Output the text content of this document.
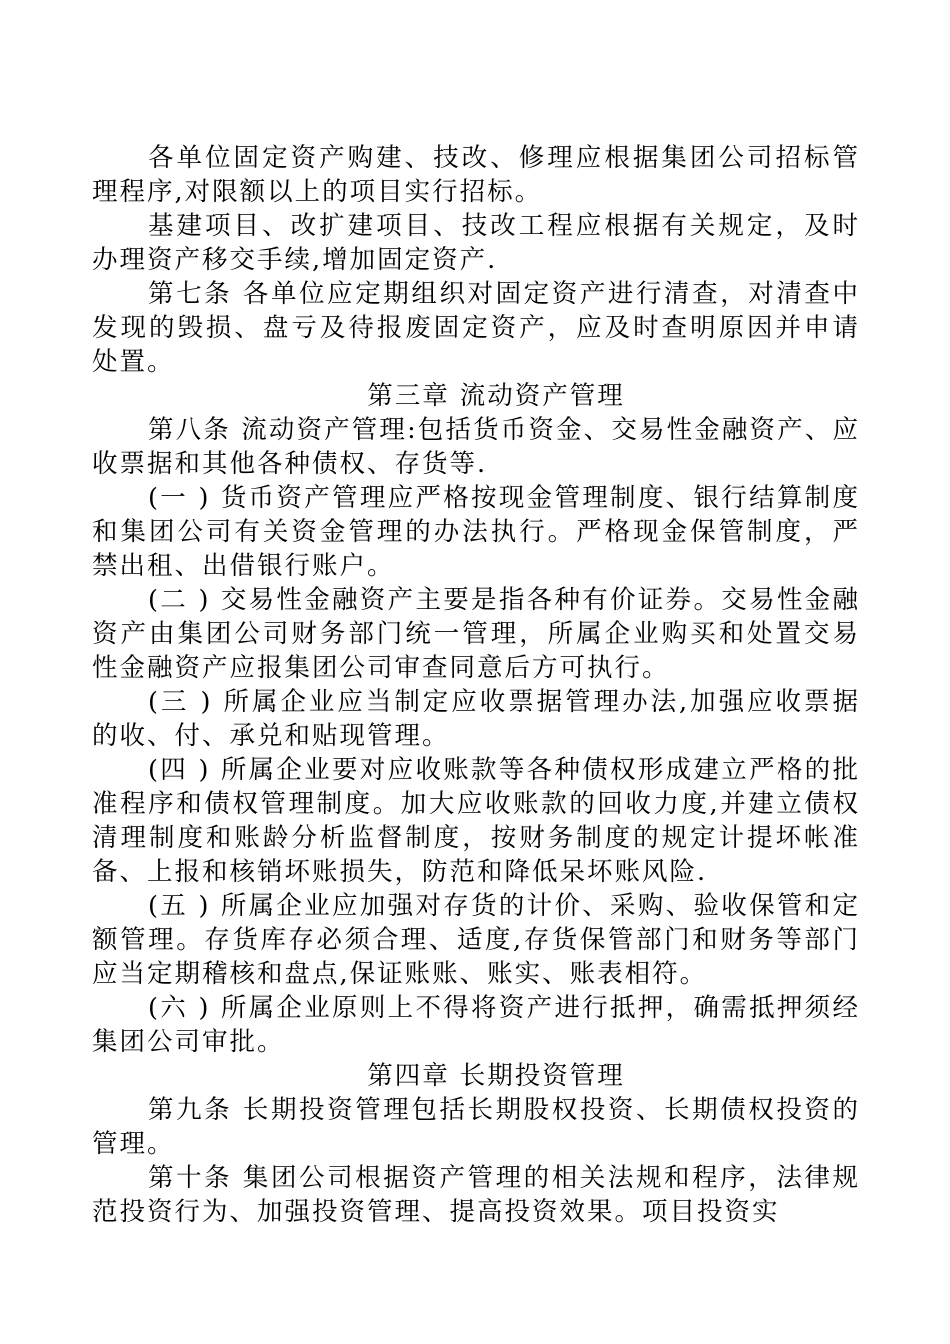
各单位固定资产购建、技改、修理应根据集团公司招标管理程序,对限额以上的项目实行招标。

基建项目、改扩建项目、技改工程应根据有关规定，及时办理资产移交手续,增加固定资产.

第七条 各单位应定期组织对固定资产进行清查，对清查中发现的毁损、盘亏及待报废固定资产，应及时查明原因并申请处置。

第三章 流动资产管理

第八条 流动资产管理:包括货币资金、交易性金融资产、应收票据和其他各种债权、存货等.

(一 ) 货币资产管理应严格按现金管理制度、银行结算制度和集团公司有关资金管理的办法执行。严格现金保管制度，严禁出租、出借银行账户。

(二 ) 交易性金融资产主要是指各种有价证券。交易性金融资产由集团公司财务部门统一管理，所属企业购买和处置交易性金融资产应报集团公司审查同意后方可执行。

(三 ) 所属企业应当制定应收票据管理办法,加强应收票据的收、付、承兑和贴现管理。

(四 ) 所属企业要对应收账款等各种债权形成建立严格的批准程序和债权管理制度。加大应收账款的回收力度,并建立债权清理制度和账龄分析监督制度，按财务制度的规定计提坏帐准备、上报和核销坏账损失，防范和降低呆坏账风险.

(五 ) 所属企业应加强对存货的计价、采购、验收保管和定额管理。存货库存必须合理、适度,存货保管部门和财务等部门应当定期稽核和盘点,保证账账、账实、账表相符。

(六 ) 所属企业原则上不得将资产进行抵押，确需抵押须经集团公司审批。

第四章 长期投资管理

第九条 长期投资管理包括长期股权投资、长期债权投资的管理。

第十条 集团公司根据资产管理的相关法规和程序，法律规范投资行为、加强投资管理、提高投资效果。项目投资实
